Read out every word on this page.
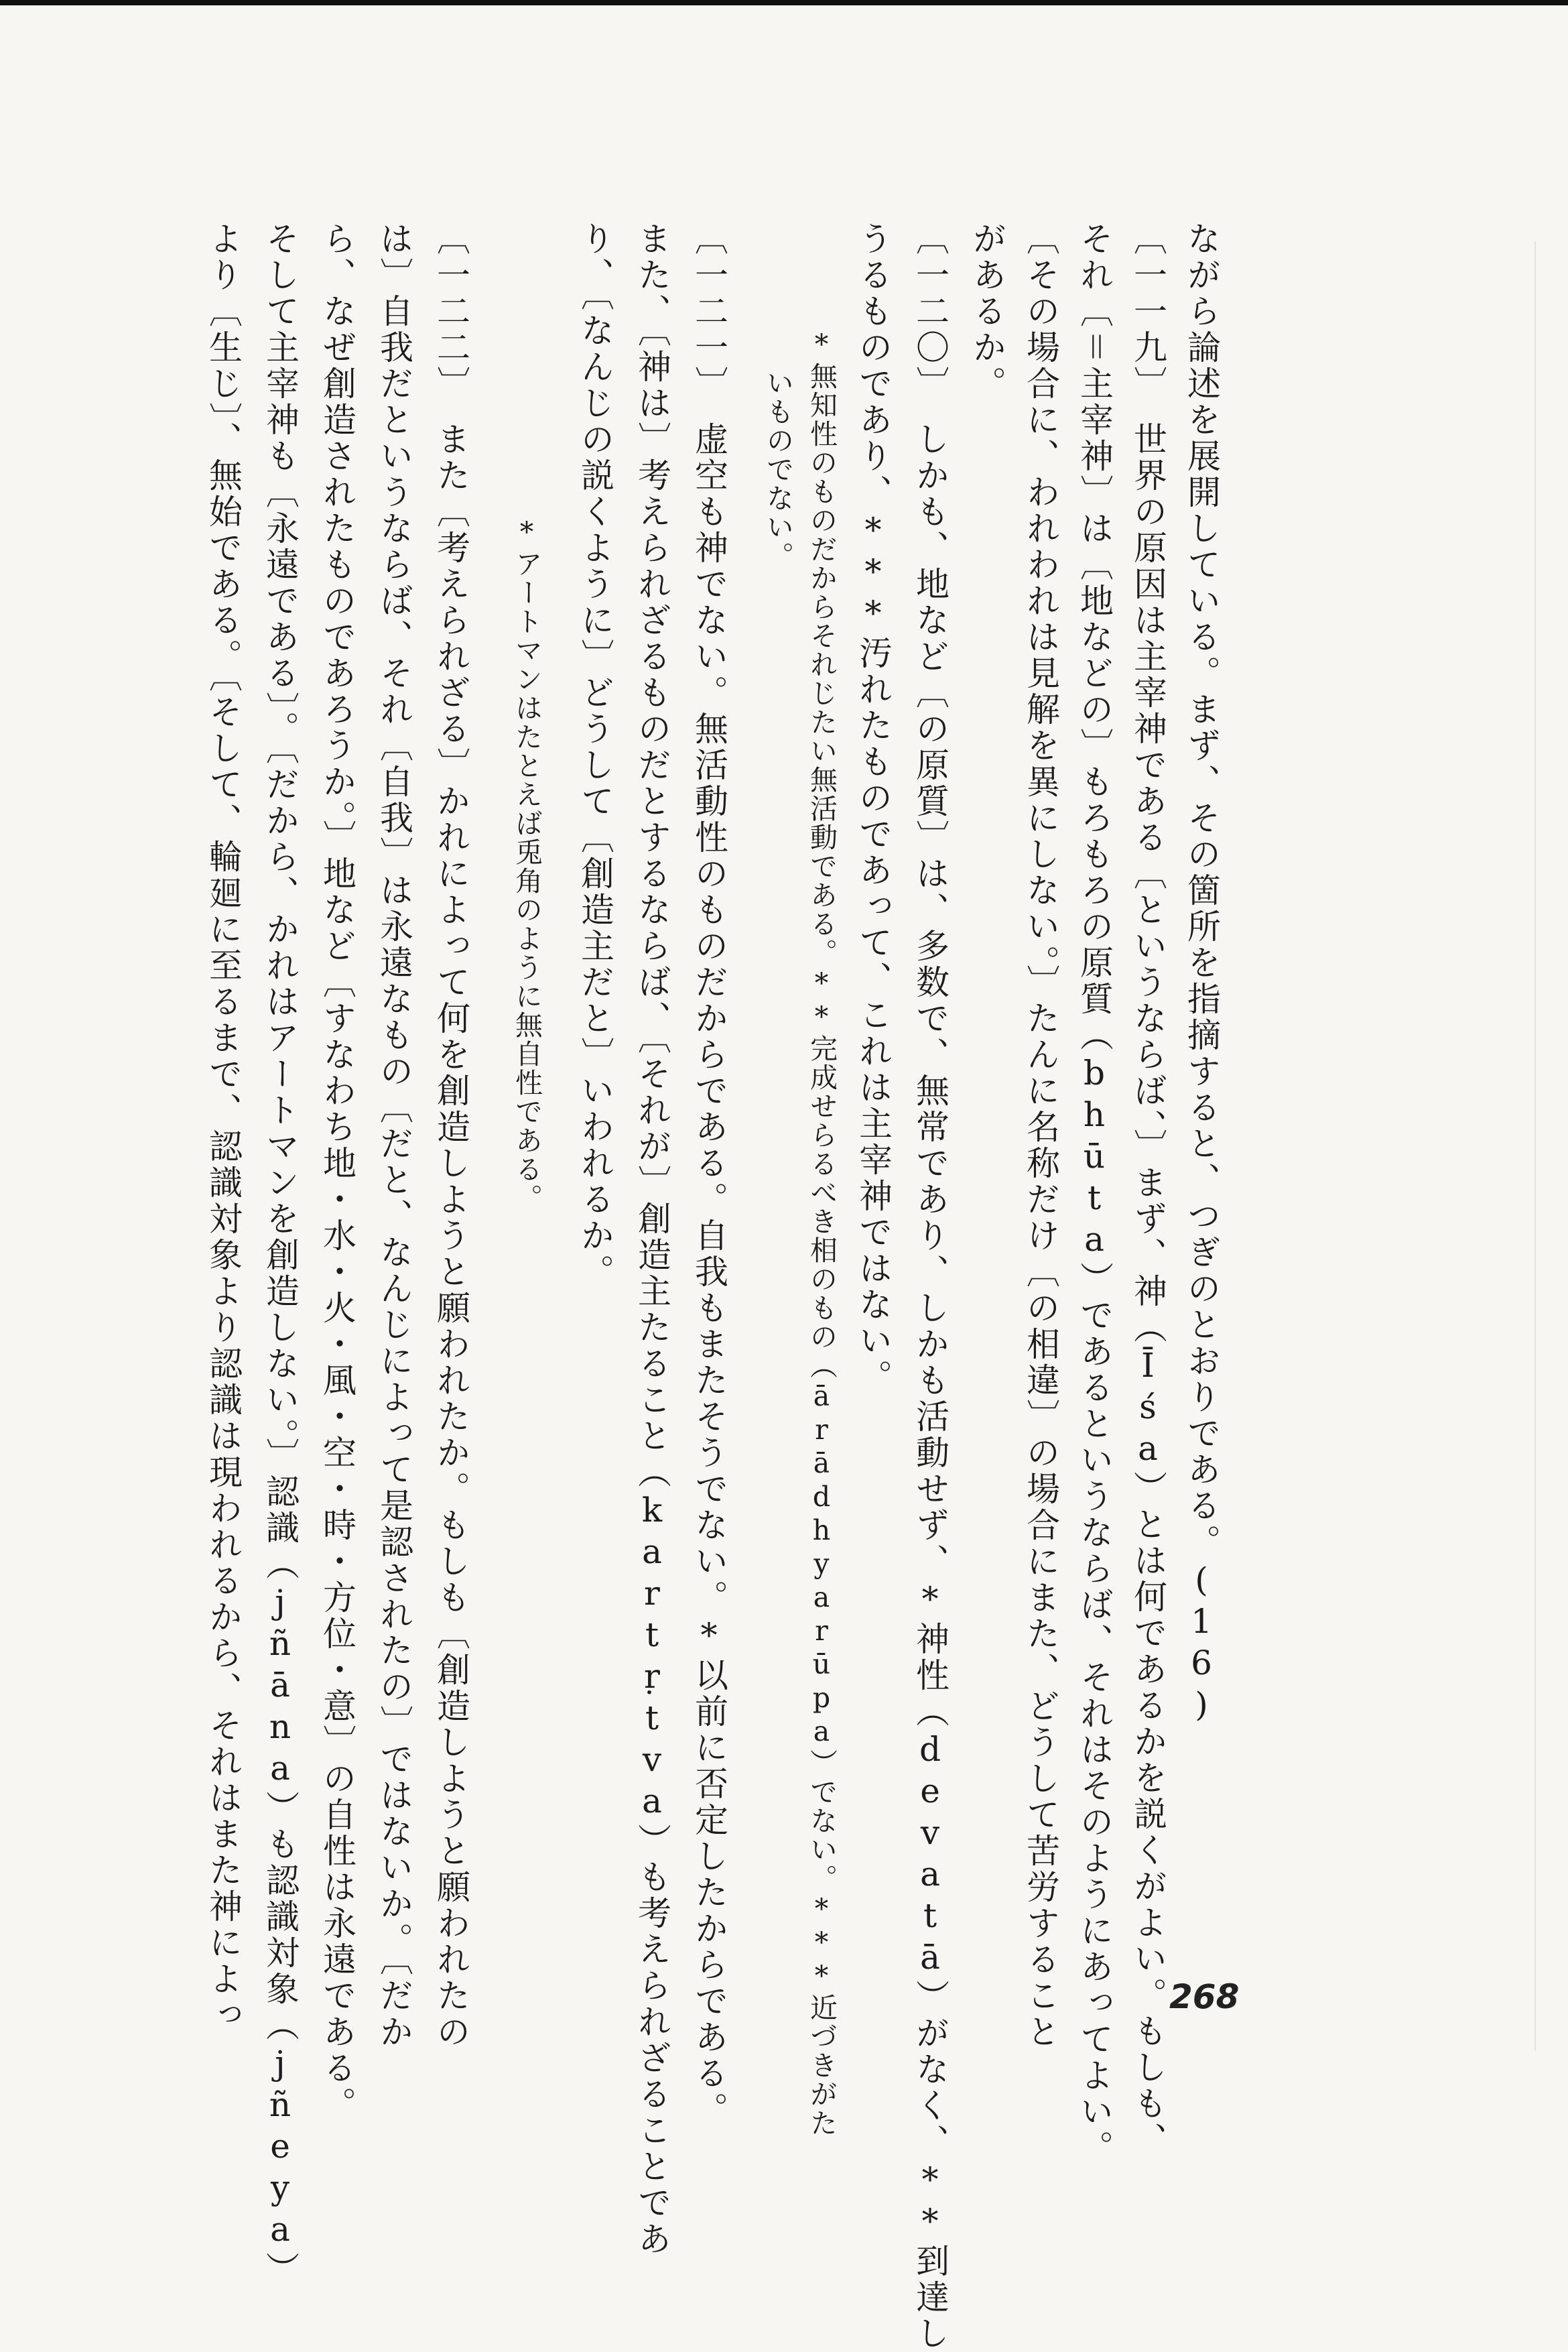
ながら論述を展開している。まず、その箇所を指摘すると、つぎのとおりである。(16)
〔一一九〕　世界の原因は主宰神である〔というならば、〕まず、神（Īśa）とは何であるかを説くがよい。もしも、
それ〔＝主宰神〕は〔地などの〕もろもろの原質（bhūta）であるというならば、それはそのようにあってよい。
〔その場合に、われわれは見解を異にしない。〕たんに名称だけ〔の相違〕の場合にまた、どうして苦労すること
があるか。
〔一二〇〕　しかも、地など〔の原質〕は、多数で、無常であり、しかも活動せず、*神性（devatā）がなく、**到達し
うるものであり、***汚れたものであって、これは主宰神ではない。
*無知性のものだからそれじたい無活動である。**完成せらるべき相のもの（ārādhyarūpa）でない。***近づきがた
いものでない。
〔一二一〕　虚空も神でない。無活動性のものだからである。自我もまたそうでない。*以前に否定したからである。
また、〔神は〕考えられざるものだとするならば、〔それが〕創造主たること（kartṛtva）も考えられざることであ
り、〔なんじの説くように〕どうして〔創造主だと〕いわれるか。
*アートマンはたとえば兎角のように無自性である。
〔一二二〕　また〔考えられざる〕かれによって何を創造しようと願われたか。もしも〔創造しようと願われたの
は〕自我だというならば、それ〔自我〕は永遠なもの〔だと、なんじによって是認されたの〕ではないか。〔だか
ら、なぜ創造されたものであろうか。〕地など〔すなわち地・水・火・風・空・時・方位・意〕の自性は永遠である。
そして主宰神も〔永遠である〕。〔だから、かれはアートマンを創造しない。〕認識（jñāna）も認識対象（jñeya）
より〔生じ〕、無始である。〔そして、輪廻に至るまで、認識対象より認識は現われるから、それはまた神によっ	268
